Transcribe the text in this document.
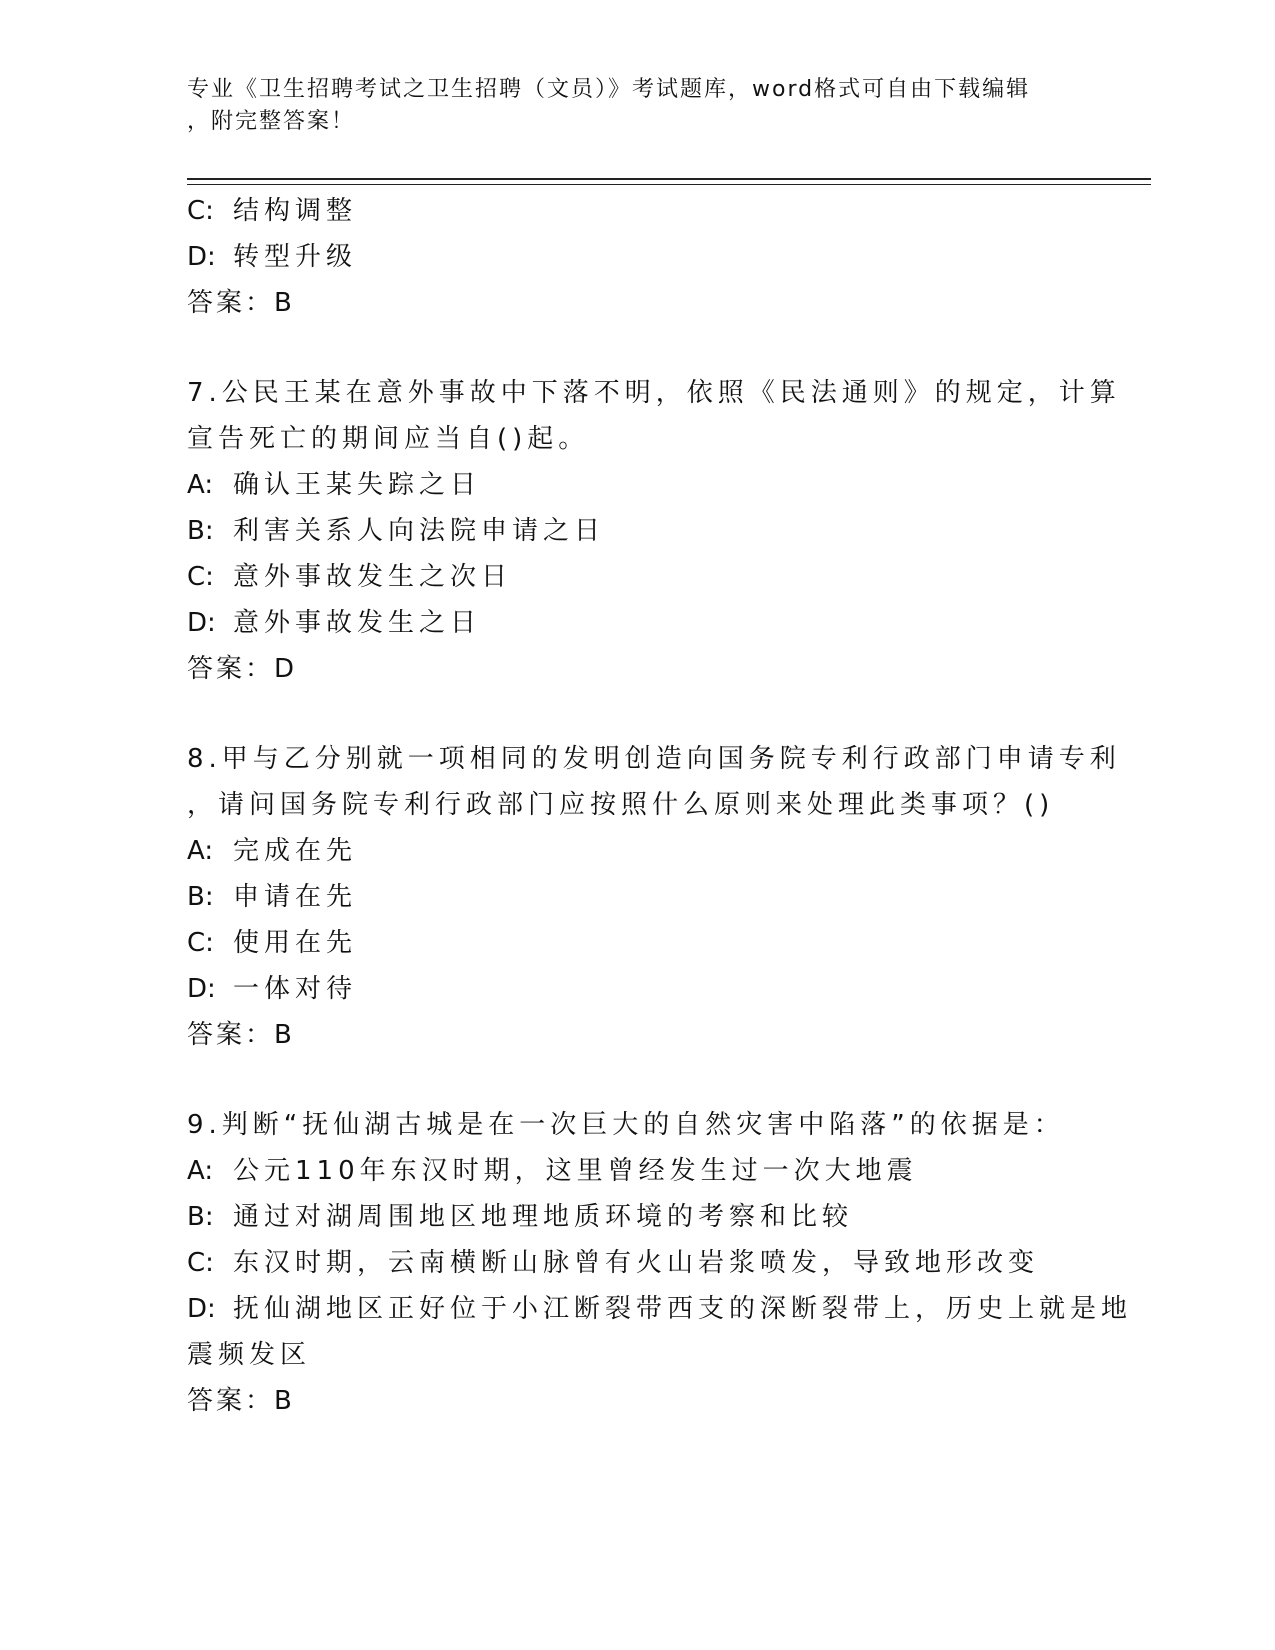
专业《卫生招聘考试之卫生招聘（文员）》考试题库，word格式可自由下载编辑
，附完整答案！
C: 结构调整
D: 转型升级
答案：B
7.公民王某在意外事故中下落不明，依照《民法通则》的规定，计算
宣告死亡的期间应当自()起。
A: 确认王某失踪之日
B: 利害关系人向法院申请之日
C: 意外事故发生之次日
D: 意外事故发生之日
答案：D
8.甲与乙分别就一项相同的发明创造向国务院专利行政部门申请专利
，请问国务院专利行政部门应按照什么原则来处理此类事项？()
A: 完成在先
B: 申请在先
C: 使用在先
D: 一体对待
答案：B
9.判断“抚仙湖古城是在一次巨大的自然灾害中陷落”的依据是：
A: 公元110年东汉时期，这里曾经发生过一次大地震
B: 通过对湖周围地区地理地质环境的考察和比较
C: 东汉时期，云南横断山脉曾有火山岩浆喷发，导致地形改变
D: 抚仙湖地区正好位于小江断裂带西支的深断裂带上，历史上就是地
震频发区
答案：B
